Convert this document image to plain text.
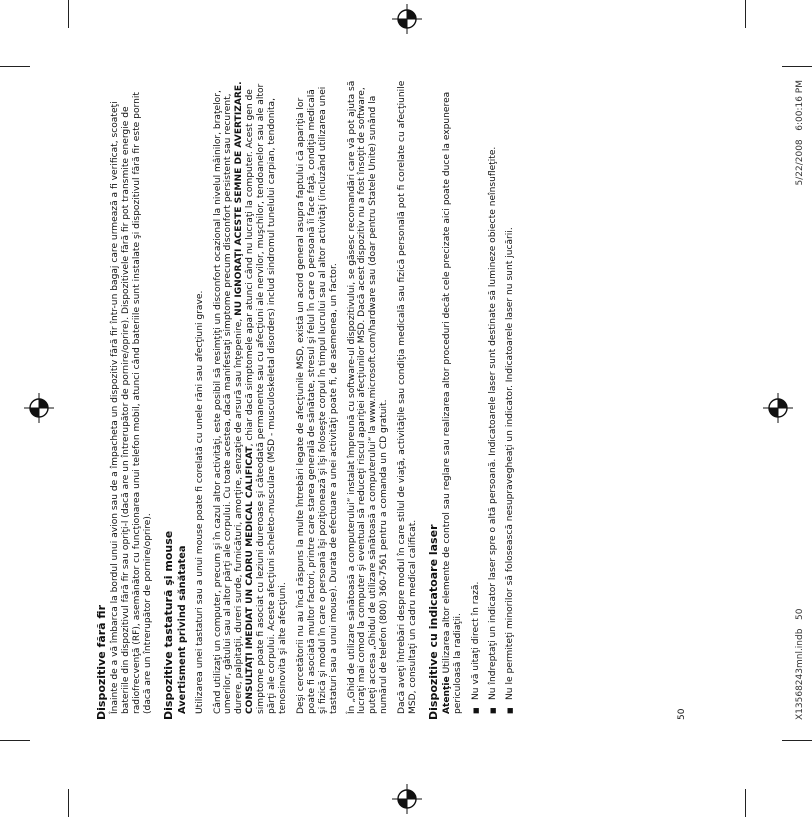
Dispozitive fără fir Înainte de a vă îmbarca la bordul unui avion sau de a împacheta un dispozitiv fără fir într-un bagaj care urmează a fi verificat, scoateţi bateriile din dispozitivul fără fir sau opriţi-l (dacă are un întrerupător de pornire/oprire). Dispozitivele fără fir pot transmite energie de radiofrecvenţă (RF), asemănător cu funcţionarea unui telefon mobil, atunci când bateriile sunt instalate şi dispozitivul fără fir este pornit (dacă are un întrerupător de pornire/oprire). Dispozitive tastatură şi mouse Avertisment privind sănătatea Utilizarea unei tastaturi sau a unui mouse poate fi corelată cu unele răni sau afecţiuni grave. Când utilizaţi un computer, precum şi în cazul altor activităţi, este posibil să resimţiţi un disconfort ocazional la nivelul mâinilor, braţelor, umerilor, gâtului sau al altor părţi ale corpului. Cu toate acestea, dacă manifestaţi simptome precum disconfort persistent sau recurent, durere, palpitaţii, dureri surde, furnicături, amorţire, senzaţie de arsură sau înţepenire, NU IGNORAŢI ACESTE SEMNE DE AVERTIZARE. CONSULTAŢI IMEDIAT UN CADRU MEDICAL CALIFICAT, chiar dacă simptomele apar atunci când nu lucraţi la computer. Acest gen de simptome poate fi asociat cu leziuni dureroase şi câteodată permanente sau cu afecţiuni ale nervilor, muşchilor, tendoanelor sau ale altor părţi ale corpului. Aceste afecţiuni scheleto-musculare (MSD - musculoskeletal disorders) includ sindromul tunelului carpian, tendonita, tenosinovita şi alte afecţiuni. Deşi cercetătorii nu au încă răspuns la multe întrebări legate de afecţiunile MSD, există un acord general asupra faptului că apariţia lor poate fi asociată multor factori, printre care starea generală de sănătate, stresul şi felul în care o persoană îi face faţă, condiţia medicală şi fizică şi modul în care o persoană îşi poziţionează şi îşi foloseşte corpul în timpul lucrului sau al altor activităţi (incluzând utilizarea unei tastaturi sau a unui mouse). Durata de efectuare a unei activităţi poate fi, de asemenea, un factor. În „Ghid de utilizare sănătoasă a computerului” instalat împreună cu software-ul dispozitivului, se găsesc recomandări care vă pot ajuta să lucraţi mai comod la computer şi eventual să reduceţi riscul apariţiei afecţiunilor MSD. Dacă acest dispozitiv nu a fost însoţit de software, puteţi accesa „Ghidul de utilizare sănătoasă a computerului” la www.microsoft.com/hardware sau (doar pentru Statele Unite) sunând la numărul de telefon (800) 360-7561 pentru a comanda un CD gratuit. Dacă aveţi întrebări despre modul în care stilul de viaţă, activităţile sau condiţia medicală sau fizică personală pot fi corelate cu afecţiunile MSD, consultaţi un cadru medical calificat. Dispozitive cu indicatoare laser Atenţie Utilizarea altor elemente de control sau reglare sau realizarea altor proceduri decât cele precizate aici poate duce la expunerea periculoasă la radiaţii. ■ Nu vă uitaţi direct în rază. ■ Nu îndreptaţi un indicator laser spre o altă persoană. Indicatoarele laser sunt destinate să lumineze obiecte neînsufleţite. ■ Nu le permiteţi minorilor să folosească nesupravegheaţi un indicator. Indicatoarele laser nu sunt jucării.
50	X13568243mnl.indb   50
5/22/2008   6:00:16 PM
